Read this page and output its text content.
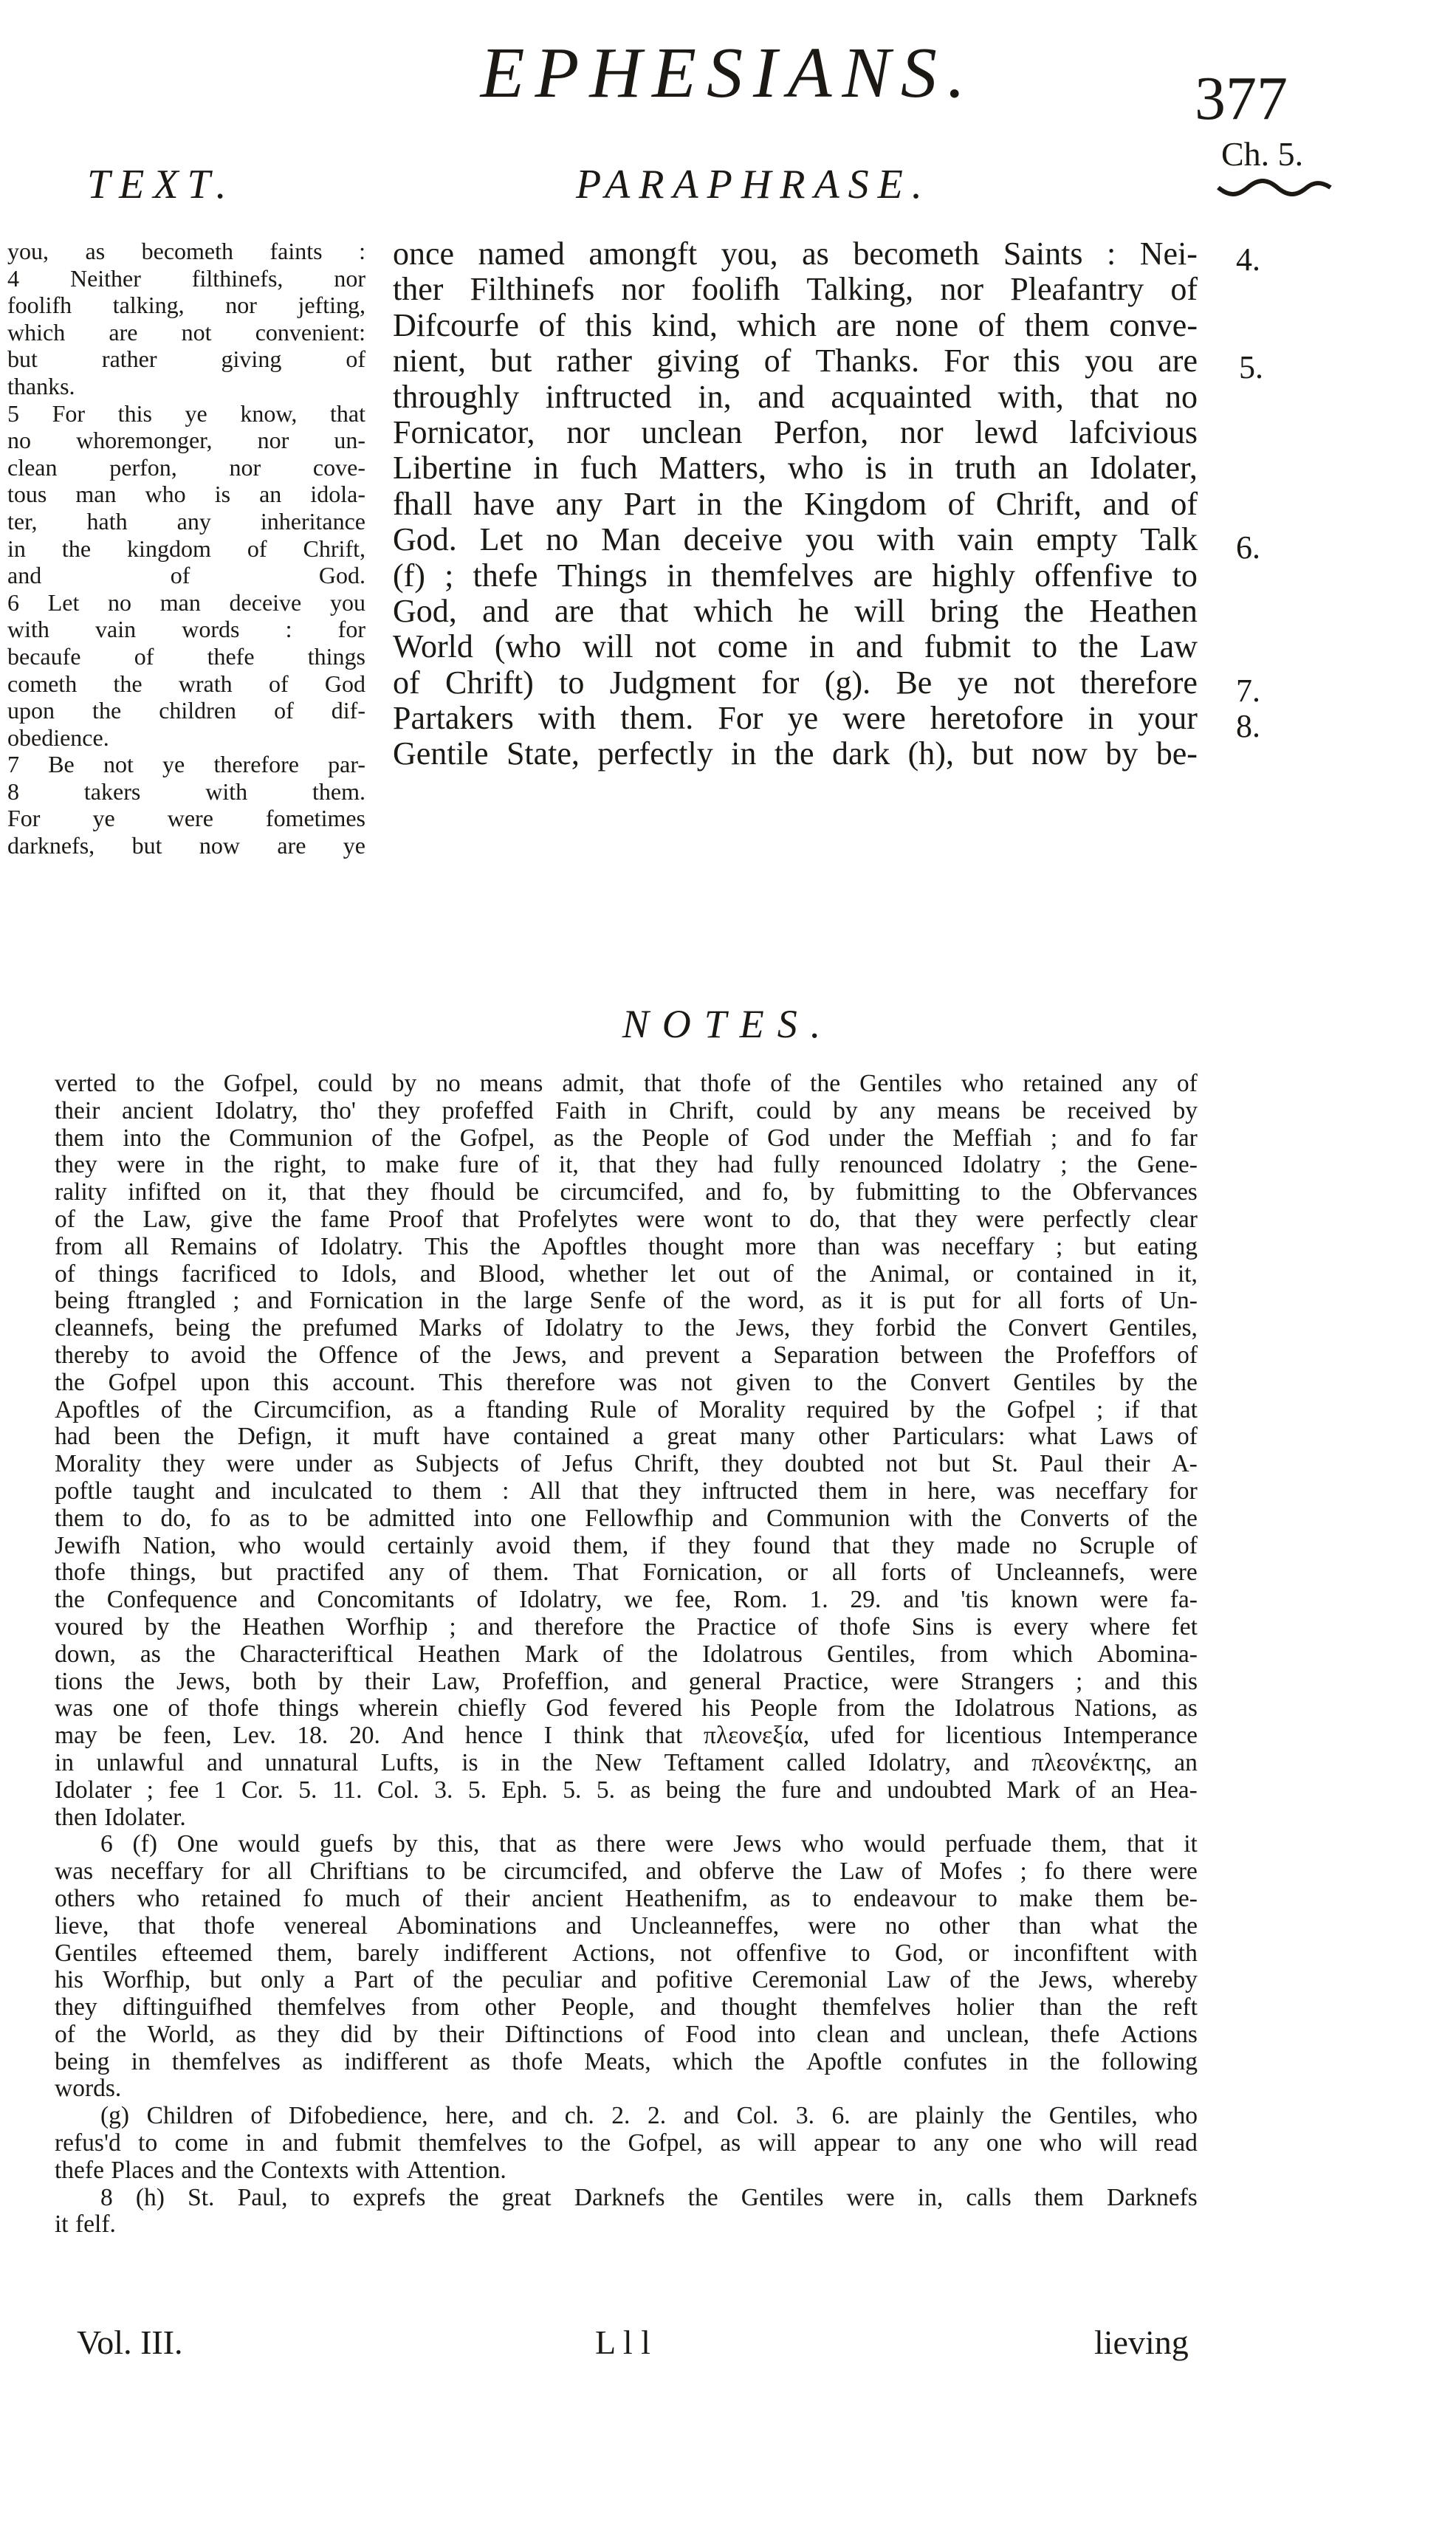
EPHESIANS.	377
Ch. 5.
TEXT.	PARAPHRASE.
you, as becometh faints :
4 Neither filthinefs, nor
foolifh talking, nor jefting,
which are not convenient:
but	rather	giving	of
thanks.
5 For this ye know, that
no whoremonger, nor un-
clean perfon, nor cove-
tous man who is an idola-
ter, hath any inheritance
in the kingdom of Chrift,
and	of	God.
6 Let no man deceive you
with vain words : for
becaufe of thefe things
cometh the wrath of God
upon the children of dif-
obedience.
7 Be not ye therefore par-
8	takers	with	them.
For ye were fometimes
darknefs, but now are ye
once named amongft you, as becometh Saints : Nei-
ther Filthinefs nor foolifh Talking, nor Pleafantry of
Difcourfe of this kind, which are none of them conve-
nient, but rather giving of Thanks. For this you are
throughly inftructed in, and acquainted with, that no
Fornicator, nor unclean Perfon, nor lewd lafcivious
Libertine in fuch Matters, who is in truth an Idolater,
fhall have any Part in the Kingdom of Chrift, and of
God. Let no Man deceive you with vain empty Talk
(f) ; thefe Things in themfelves are highly offenfive to
God, and are that which he will bring the Heathen
World (who will not come in and fubmit to the Law
of Chrift) to Judgment for (g). Be ye not therefore
Partakers with them. For ye were heretofore in your
Gentile State, perfectly in the dark (h), but now by be-
4.
5.
6.
7.
8.
NOTES.
verted to the Gofpel, could by no means admit, that thofe of the Gentiles who retained any of
their ancient Idolatry, tho' they profeffed Faith in Chrift, could by any means be received by
them into the Communion of the Gofpel, as the People of God under the Meffiah ; and fo far
they were in the right, to make fure of it, that they had fully renounced Idolatry ; the Gene-
rality infifted on it, that they fhould be circumcifed, and fo, by fubmitting to the Obfervances
of the Law, give the fame Proof that Profelytes were wont to do, that they were perfectly clear
from all Remains of Idolatry. This the Apoftles thought more than was neceffary ; but eating
of things facrificed to Idols, and Blood, whether let out of the Animal, or contained in it,
being ftrangled ; and Fornication in the large Senfe of the word, as it is put for all forts of Un-
cleannefs, being the prefumed Marks of Idolatry to the Jews, they forbid the Convert Gentiles,
thereby to avoid the Offence of the Jews, and prevent a Separation between the Profeffors of
the Gofpel upon this account. This therefore was not given to the Convert Gentiles by the
Apoftles of the Circumcifion, as a ftanding Rule of Morality required by the Gofpel ; if that
had been the Defign, it muft have contained a great many other Particulars: what Laws of
Morality they were under as Subjects of Jefus Chrift, they doubted not but St. Paul their A-
poftle taught and inculcated to them : All that they inftructed them in here, was neceffary for
them to do, fo as to be admitted into one Fellowfhip and Communion with the Converts of the
Jewifh Nation, who would certainly avoid them, if they found that they made no Scruple of
thofe things, but practifed any of them. That Fornication, or all forts of Uncleannefs, were
the Confequence and Concomitants of Idolatry, we fee, Rom. 1. 29. and 'tis known were fa-
voured by the Heathen Worfhip ; and therefore the Practice of thofe Sins is every where fet
down, as the Characteriftical Heathen Mark of the Idolatrous Gentiles, from which Abomina-
tions the Jews, both by their Law, Profeffion, and general Practice, were Strangers ; and this
was one of thofe things wherein chiefly God fevered his People from the Idolatrous Nations, as
may be feen, Lev. 18. 20. And hence I think that πλεονεξία, ufed for licentious Intemperance
in unlawful and unnatural Lufts, is in the New Teftament called Idolatry, and πλεονέκτης, an
Idolater ; fee 1 Cor. 5. 11. Col. 3. 5. Eph. 5. 5. as being the fure and undoubted Mark of an Hea-
then Idolater.
6 (f) One would guefs by this, that as there were Jews who would perfuade them, that it
was neceffary for all Chriftians to be circumcifed, and obferve the Law of Mofes ; fo there were
others who retained fo much of their ancient Heathenifm, as to endeavour to make them be-
lieve, that thofe venereal Abominations and Uncleanneffes, were no other than what the
Gentiles efteemed them, barely indifferent Actions, not offenfive to God, or inconfiftent with
his Worfhip, but only a Part of the peculiar and pofitive Ceremonial Law of the Jews, whereby
they diftinguifhed themfelves from other People, and thought themfelves holier than the reft
of the World, as they did by their Diftinctions of Food into clean and unclean, thefe Actions
being in themfelves as indifferent as thofe Meats, which the Apoftle confutes in the following
words.
(g) Children of Difobedience, here, and ch. 2. 2. and Col. 3. 6. are plainly the Gentiles, who
refus'd to come in and fubmit themfelves to the Gofpel, as will appear to any one who will read
thefe Places and the Contexts with Attention.
8 (h) St. Paul, to exprefs the great Darknefs the Gentiles were in, calls them Darknefs
it felf.
Vol. III.	L l l	lieving
